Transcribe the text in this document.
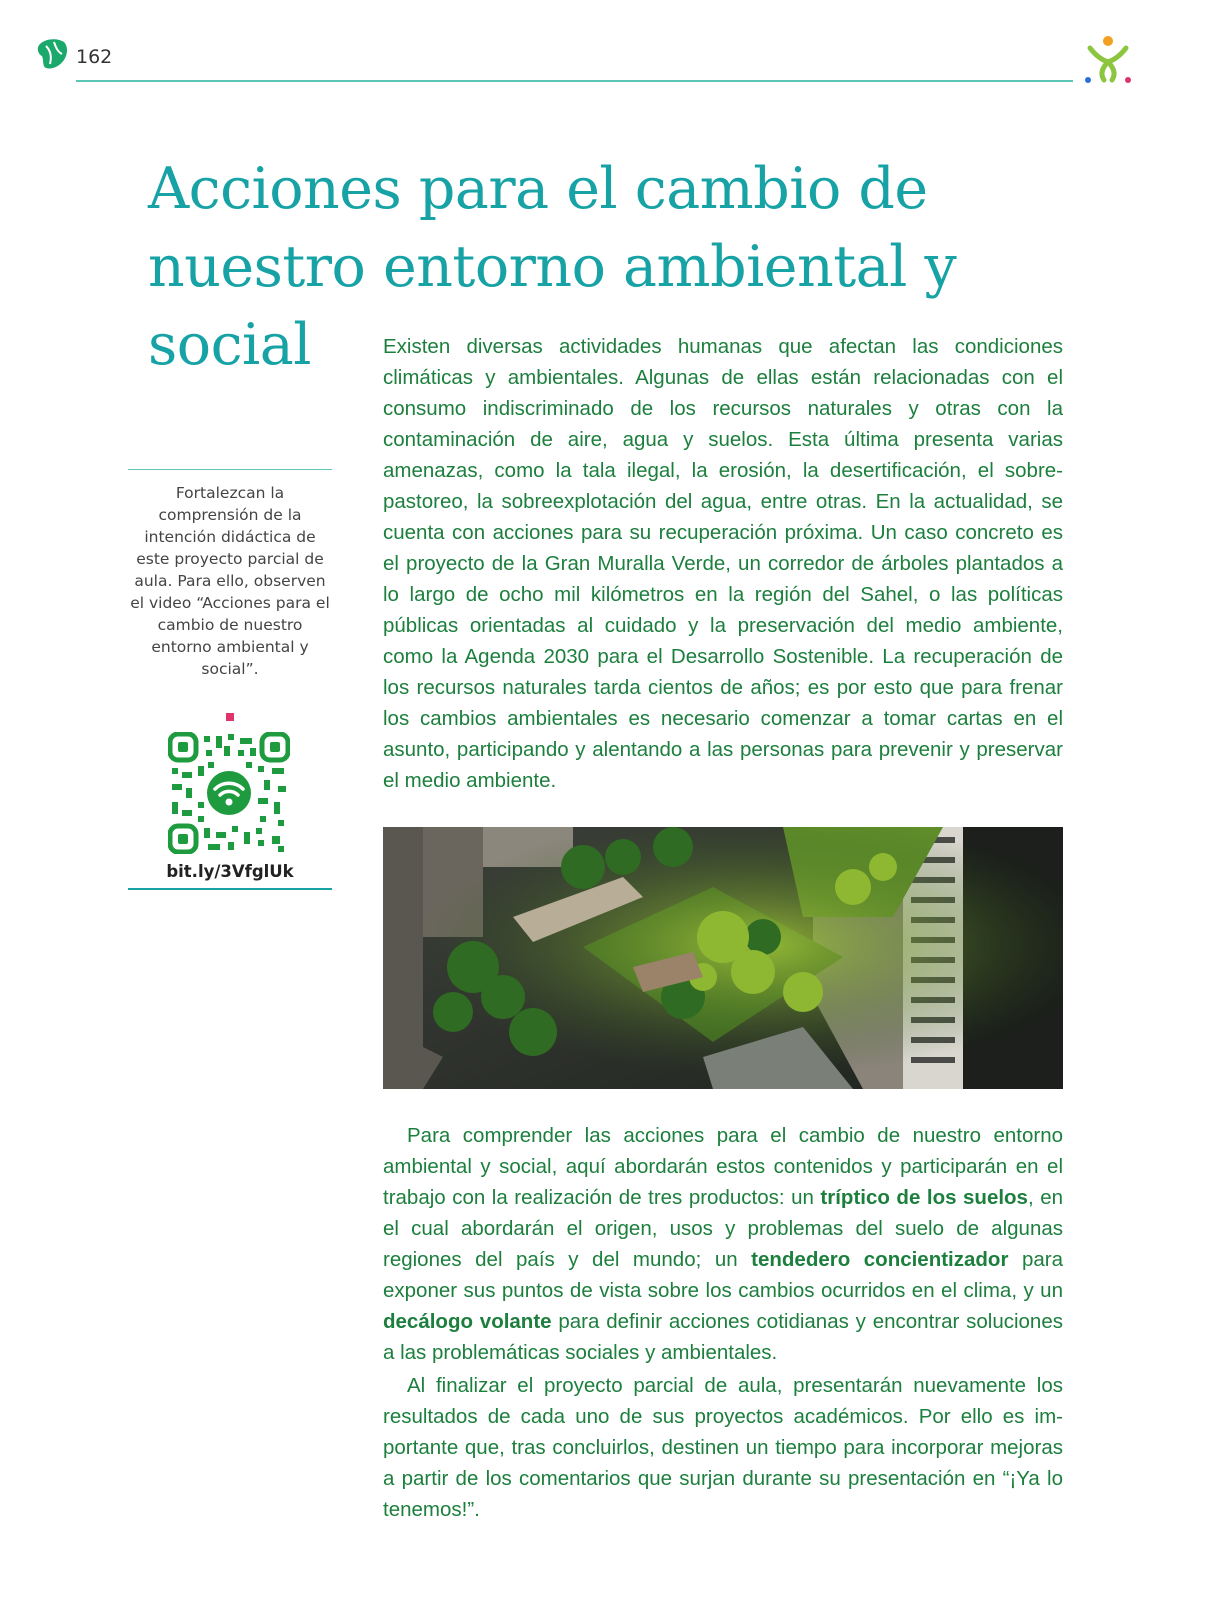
162
Acciones para el cambio de
nuestro entorno ambiental y social

Fortalezcan la comprensión de la intención didáctica de este proyecto parcial de aula. Para ello, observen el video “Acciones para el cambio de nuestro entorno ambiental y social”.

bit.ly/3VfglUk

Existen diversas actividades humanas que afectan las condiciones climáticas y ambientales. Algunas de ellas están relacionadas con el consumo indiscriminado de los recursos naturales y otras con la contaminación de aire, agua y suelos. Esta última presenta varias amenazas, como la tala ilegal, la erosión, la desertificación, el sobrepastoreo, la sobreexplotación del agua, entre otras. En la actualidad, se cuenta con acciones para su recuperación próxima. Un caso concreto es el proyecto de la Gran Muralla Verde, un corredor de árboles plantados a lo largo de ocho mil kilómetros en la región del Sahel, o las políticas públicas orientadas al cuidado y la preservación del medio ambiente, como la Agenda 2030 para el Desarrollo Sostenible. La recuperación de los recursos naturales tarda cientos de años; es por esto que para frenar los cambios ambientales es necesario comenzar a tomar cartas en el asunto, participando y alentando a las personas para prevenir y preservar el medio ambiente.

Para comprender las acciones para el cambio de nuestro entorno ambiental y social, aquí abordarán estos contenidos y participarán en el trabajo con la realización de tres productos: un tríptico de los suelos, en el cual abordarán el origen, usos y problemas del suelo de algunas regiones del país y del mundo; un tendedero concientizador para exponer sus puntos de vista sobre los cambios ocurridos en el clima, y un decálogo volante para definir acciones cotidianas y encontrar soluciones a las problemáticas sociales y ambientales.

Al finalizar el proyecto parcial de aula, presentarán nuevamente los resultados de cada uno de sus proyectos académicos. Por ello es importante que, tras concluirlos, destinen un tiempo para incorporar mejoras a partir de los comentarios que surjan durante su presentación en “¡Ya lo tenemos!”.
